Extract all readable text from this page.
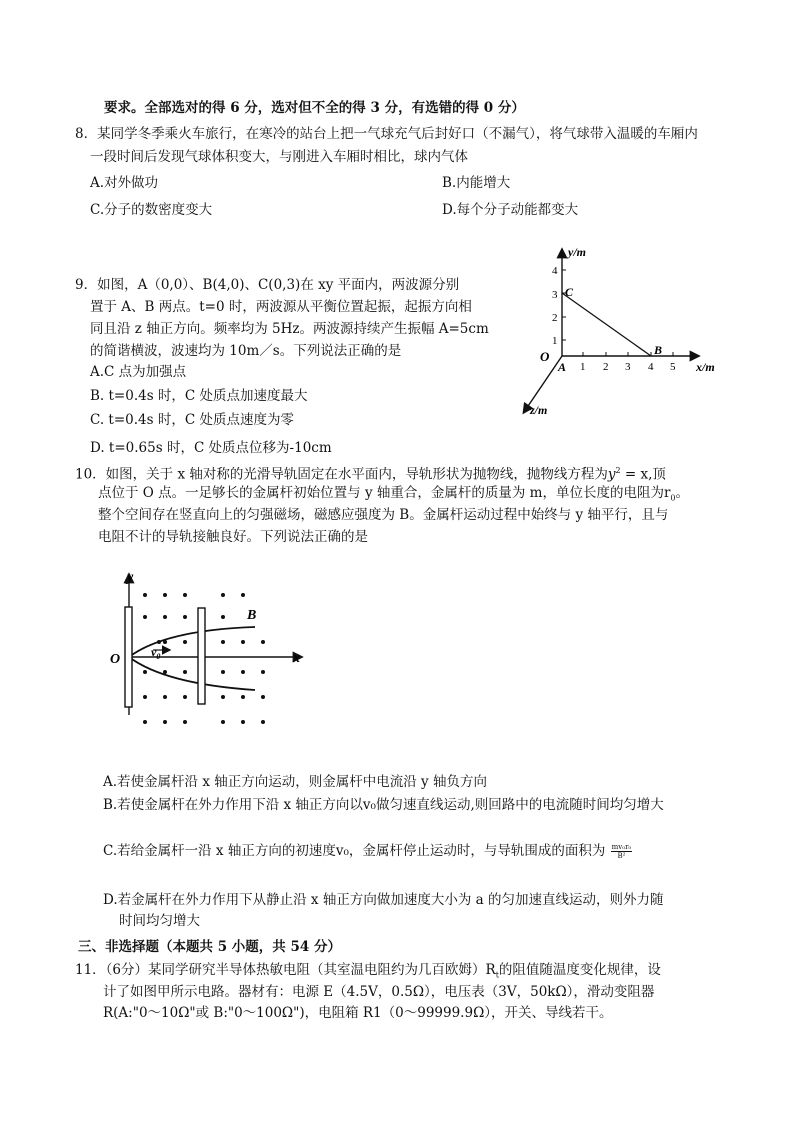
要求。全部选对的得 6 分，选对但不全的得 3 分，有选错的得 0 分）
8．某同学冬季乘火车旅行，在寒冷的站台上把一气球充气后封好口（不漏气），将气球带入温暖的车厢内
一段时间后发现气球体积变大，与刚进入车厢时相比，球内气体
A.对外做功	B.内能增大
C.分子的数密度变大	D.每个分子动能都变大
9．如图，A（0,0）、B(4,0)、C(0,3)在 xy 平面内，两波源分别
置于 A、B 两点。t=0 时，两波源从平衡位置起振，起振方向相
同且沿 z 轴正方向。频率均为 5Hz。两波源持续产生振幅 A=5cm
的简谐横波，波速均为 10m／s。下列说法正确的是
A.C 点为加强点
B. t=0.4s 时，C 处质点加速度最大
C. t=0.4s 时，C 处质点速度为零
D. t=0.65s 时，C 处质点位移为-10cm
y/m
x/m
z/m
O
1
2
3
4
1 2 3 4 5
A
B
C
10．如图，关于 x 轴对称的光滑导轨固定在水平面内，导轨形状为抛物线，抛物线方程为$y^2 = x$,顶
点位于 O 点。一足够长的金属杆初始位置与 y 轴重合，金属杆的质量为 m，单位长度的电阻为$r_0$。
整个空间存在竖直向上的匀强磁场，磁感应强度为 B。金属杆运动过程中始终与 y 轴平行，且与
电阻不计的导轨接触良好。下列说法正确的是
y
x
O
B
$v_0$
A.若使金属杆沿 x 轴正方向运动，则金属杆中电流沿 y 轴负方向
B.若使金属杆在外力作用下沿 x 轴正方向以v₀做匀速直线运动,则回路中的电流随时间均匀增大
C.若给金属杆一沿 x 轴正方向的初速度v₀，金属杆停止运动时，与导轨围成的面积为 $\frac{\text{mv₀r₀}}{\text{B²}}$
D.若金属杆在外力作用下从静止沿 x 轴正方向做加速度大小为 a 的匀加速直线运动，则外力随
时间均匀增大
三、非选择题（本题共 5 小题，共 54 分）
11．（6分）某同学研究半导体热敏电阻（其室温电阻约为几百欧姆）$R_t$的阻值随温度变化规律，设
计了如图甲所示电路。器材有：电源 E（4.5V，0.5Ω），电压表（3V，50kΩ），滑动变阻器
R(A:"0～10Ω"或 B:"0～100Ω")，电阻箱 R1（0～99999.9Ω），开关、导线若干。
